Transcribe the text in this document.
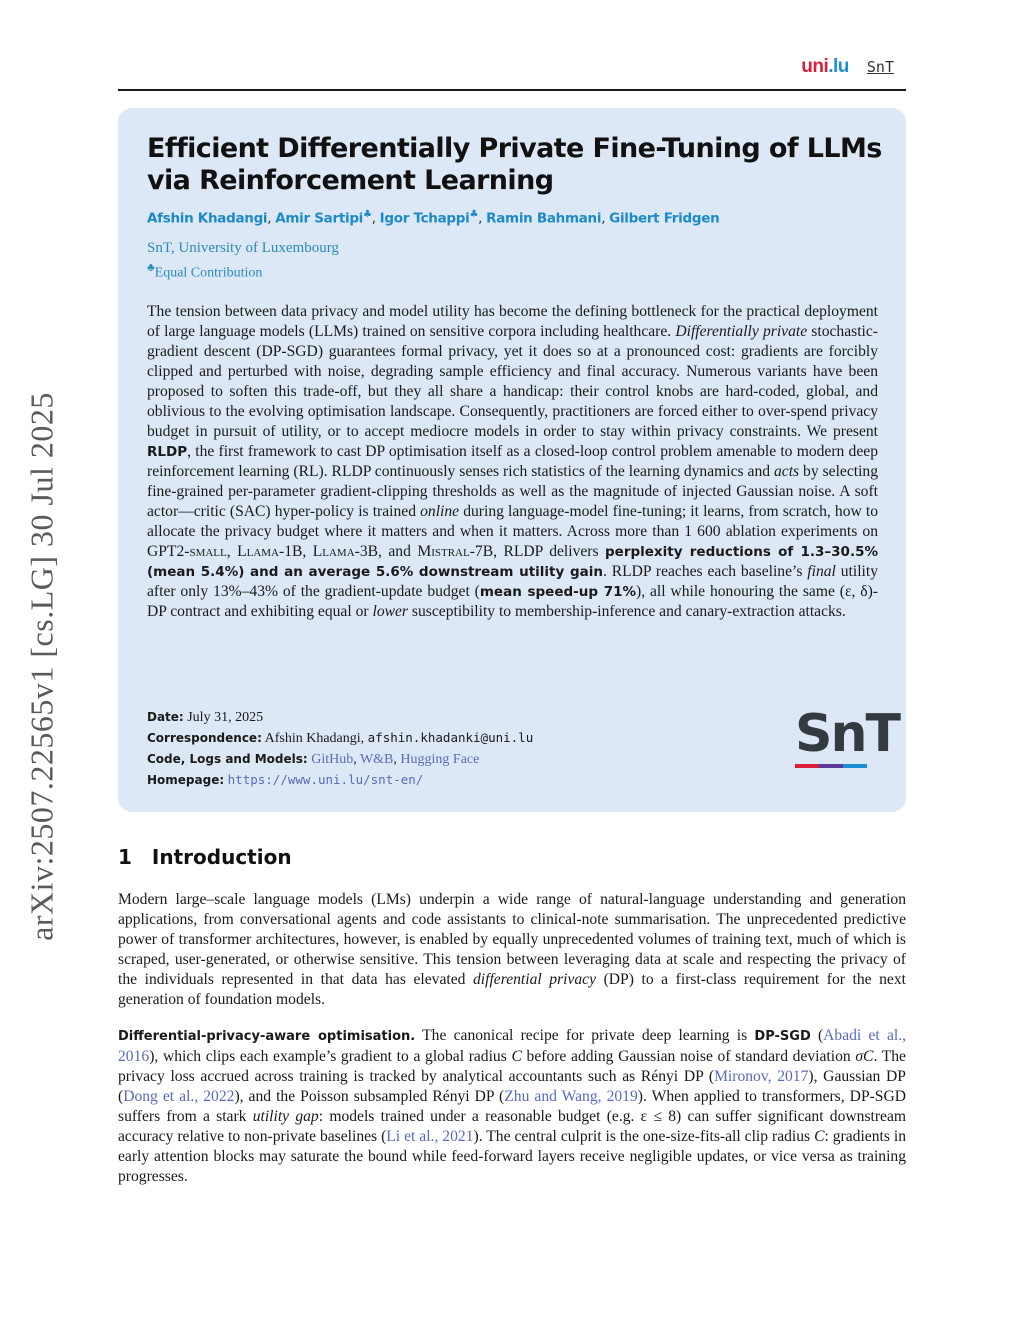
arXiv:2507.22565v1 [cs.LG] 30 Jul 2025
uni.lu SnT
Efficient Differentially Private Fine-Tuning of LLMs via Reinforcement Learning
Afshin Khadangi, Amir Sartipi♣, Igor Tchappi♣, Ramin Bahmani, Gilbert Fridgen
SnT, University of Luxembourg
♣Equal Contribution
The tension between data privacy and model utility has become the defining bottleneck for the practical deployment of large language models (LLMs) trained on sensitive corpora including healthcare. Differentially private stochastic-gradient descent (DP-SGD) guarantees formal privacy, yet it does so at a pronounced cost: gradients are forcibly clipped and perturbed with noise, degrading sample efficiency and final accuracy. Numerous variants have been proposed to soften this trade-off, but they all share a handicap: their control knobs are hard-coded, global, and oblivious to the evolving optimisation landscape. Consequently, practitioners are forced either to over-spend privacy budget in pursuit of utility, or to accept mediocre models in order to stay within privacy constraints. We present RLDP, the first framework to cast DP optimisation itself as a closed-loop control problem amenable to modern deep reinforcement learning (RL). RLDP continuously senses rich statistics of the learning dynamics and acts by selecting fine-grained per-parameter gradient-clipping thresholds as well as the magnitude of injected Gaussian noise. A soft actor—critic (SAC) hyper-policy is trained online during language-model fine-tuning; it learns, from scratch, how to allocate the privacy budget where it matters and when it matters. Across more than 1 600 ablation experiments on GPT2-small, Llama-1B, Llama-3B, and Mistral-7B, RLDP delivers perplexity reductions of 1.3–30.5% (mean 5.4%) and an average 5.6% downstream utility gain. RLDP reaches each baseline’s final utility after only 13%–43% of the gradient-update budget (mean speed-up 71%), all while honouring the same (ε, δ)-DP contract and exhibiting equal or lower susceptibility to membership-inference and canary-extraction attacks.
Date: July 31, 2025
Correspondence: Afshin Khadangi, afshin.khadanki@uni.lu
Code, Logs and Models: GitHub, W&B, Hugging Face
Homepage: https://www.uni.lu/snt-en/
SnT
1 Introduction
Modern large–scale language models (LMs) underpin a wide range of natural-language understanding and generation applications, from conversational agents and code assistants to clinical-note summarisation. The unprecedented predictive power of transformer architectures, however, is enabled by equally unprecedented volumes of training text, much of which is scraped, user-generated, or otherwise sensitive. This tension between leveraging data at scale and respecting the privacy of the individuals represented in that data has elevated differential privacy (DP) to a first-class requirement for the next generation of foundation models.
Differential-privacy-aware optimisation. The canonical recipe for private deep learning is DP-SGD (Abadi et al., 2016), which clips each example’s gradient to a global radius C before adding Gaussian noise of standard deviation σC. The privacy loss accrued across training is tracked by analytical accountants such as Rényi DP (Mironov, 2017), Gaussian DP (Dong et al., 2022), and the Poisson subsampled Rényi DP (Zhu and Wang, 2019). When applied to transformers, DP-SGD suffers from a stark utility gap: models trained under a reasonable budget (e.g. ε ≤ 8) can suffer significant downstream accuracy relative to non-private baselines (Li et al., 2021). The central culprit is the one-size-fits-all clip radius C: gradients in early attention blocks may saturate the bound while feed-forward layers receive negligible updates, or vice versa as training progresses.
